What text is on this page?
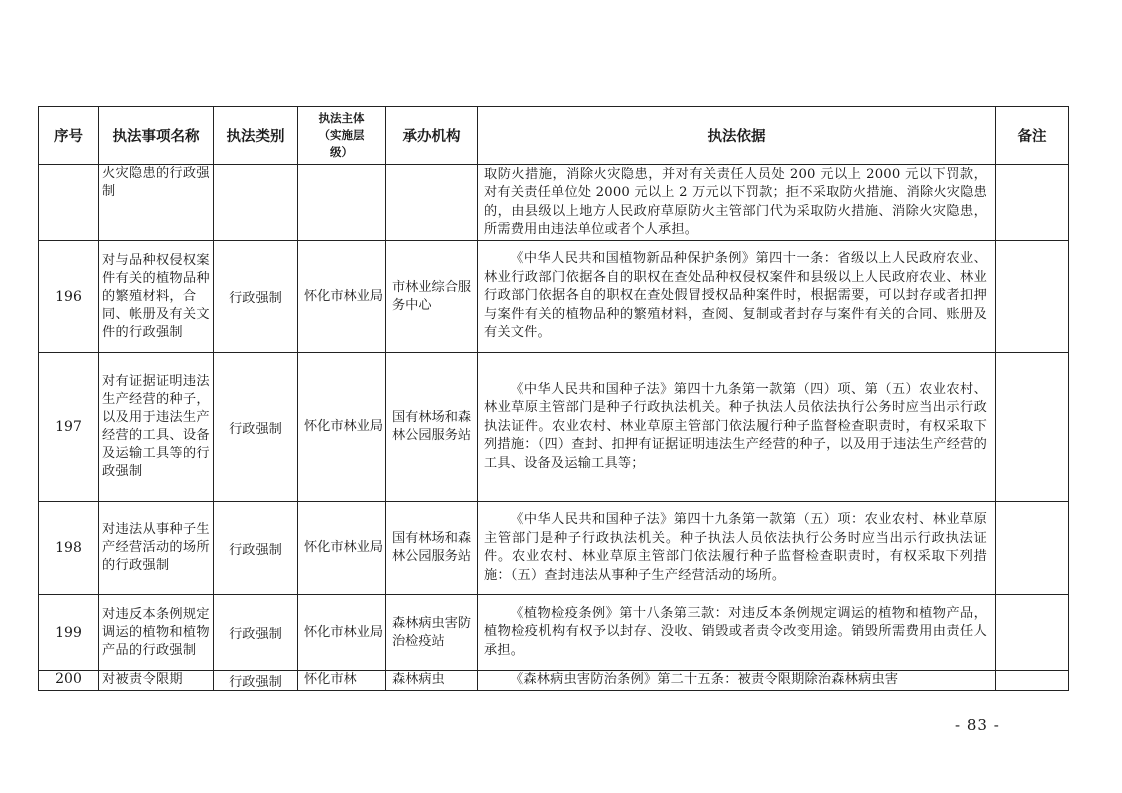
序号	执法事项名称	执法类别	执法主体
（实施层
级）	承办机构	执法依据	备注
	火灾隐患的行政强制				取防火措施，消除火灾隐患，并对有关责任人员处 200 元以上 2000 元以下罚款，对有关责任单位处 2000 元以上 2 万元以下罚款；拒不采取防火措施、消除火灾隐患的，由县级以上地方人民政府草原防火主管部门代为采取防火措施、消除火灾隐患，所需费用由违法单位或者个人承担。	
196	对与品种权侵权案件有关的植物品种的繁殖材料，合同、帐册及有关文件的行政强制	行政强制	怀化市林业局	市林业综合服务中心	《中华人民共和国植物新品种保护条例》第四十一条：省级以上人民政府农业、林业行政部门依据各自的职权在查处品种权侵权案件和县级以上人民政府农业、林业行政部门依据各自的职权在查处假冒授权品种案件时，根据需要，可以封存或者扣押与案件有关的植物品种的繁殖材料，查阅、复制或者封存与案件有关的合同、账册及有关文件。	
197	对有证据证明违法生产经营的种子，以及用于违法生产经营的工具、设备及运输工具等的行政强制	行政强制	怀化市林业局	国有林场和森林公园服务站	《中华人民共和国种子法》第四十九条第一款第（四）项、第（五）农业农村、林业草原主管部门是种子行政执法机关。种子执法人员依法执行公务时应当出示行政执法证件。农业农村、林业草原主管部门依法履行种子监督检查职责时，有权采取下列措施：（四）查封、扣押有证据证明违法生产经营的种子，以及用于违法生产经营的工具、设备及运输工具等；	
198	对违法从事种子生产经营活动的场所的行政强制	行政强制	怀化市林业局	国有林场和森林公园服务站	《中华人民共和国种子法》第四十九条第一款第（五）项：农业农村、林业草原主管部门是种子行政执法机关。种子执法人员依法执行公务时应当出示行政执法证件。农业农村、林业草原主管部门依法履行种子监督检查职责时，有权采取下列措施：（五）查封违法从事种子生产经营活动的场所。	
199	对违反本条例规定调运的植物和植物产品的行政强制	行政强制	怀化市林业局	森林病虫害防治检疫站	《植物检疫条例》第十八条第三款：对违反本条例规定调运的植物和植物产品，植物检疫机构有权予以封存、没收、销毁或者责令改变用途。销毁所需费用由责任人承担。	
200	对被责令限期	行政强制	怀化市林	森林病虫	《森林病虫害防治条例》第二十五条：被责令限期除治森林病虫害	
- 83 -
